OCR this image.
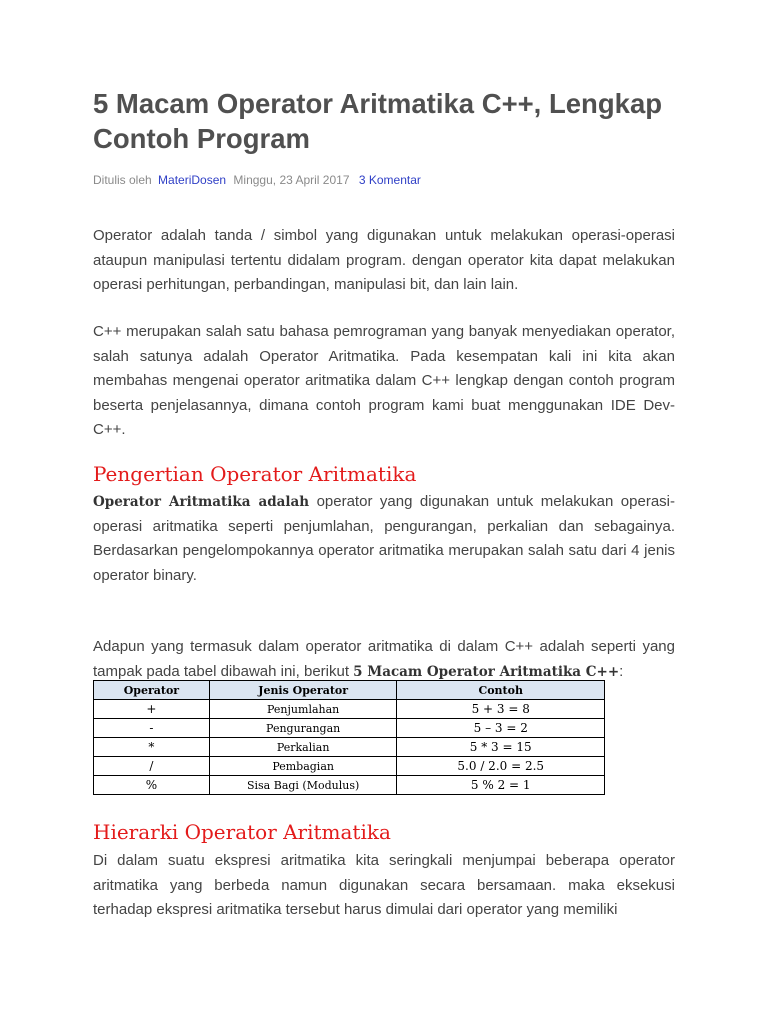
5 Macam Operator Aritmatika C++, Lengkap Contoh Program
Ditulis oleh MateriDosen Minggu, 23 April 2017 3 Komentar

Operator adalah tanda / simbol yang digunakan untuk melakukan operasi-operasi ataupun manipulasi tertentu didalam program. dengan operator kita dapat melakukan operasi perhitungan, perbandingan, manipulasi bit, dan lain lain.

C++ merupakan salah satu bahasa pemrograman yang banyak menyediakan operator, salah satunya adalah Operator Aritmatika. Pada kesempatan kali ini kita akan membahas mengenai operator aritmatika dalam C++ lengkap dengan contoh program beserta penjelasannya, dimana contoh program kami buat menggunakan IDE Dev-C++.

Pengertian Operator Aritmatika

Operator Aritmatika adalah operator yang digunakan untuk melakukan operasi-operasi aritmatika seperti penjumlahan, pengurangan, perkalian dan sebagainya. Berdasarkan pengelompokannya operator aritmatika merupakan salah satu dari 4 jenis operator binary.

Adapun yang termasuk dalam operator aritmatika di dalam C++ adalah seperti yang tampak pada tabel dibawah ini, berikut 5 Macam Operator Aritmatika C++:

Operator	Jenis Operator	Contoh
+	Penjumlahan	5 + 3 = 8
-	Pengurangan	5 – 3 = 2
*	Perkalian	5 * 3 = 15
/	Pembagian	5.0 / 2.0 = 2.5
%	Sisa Bagi (Modulus)	5 % 2 = 1
Hierarki Operator Aritmatika

Di dalam suatu ekspresi aritmatika kita seringkali menjumpai beberapa operator aritmatika yang berbeda namun digunakan secara bersamaan. maka eksekusi terhadap ekspresi aritmatika tersebut harus dimulai dari operator yang memiliki
